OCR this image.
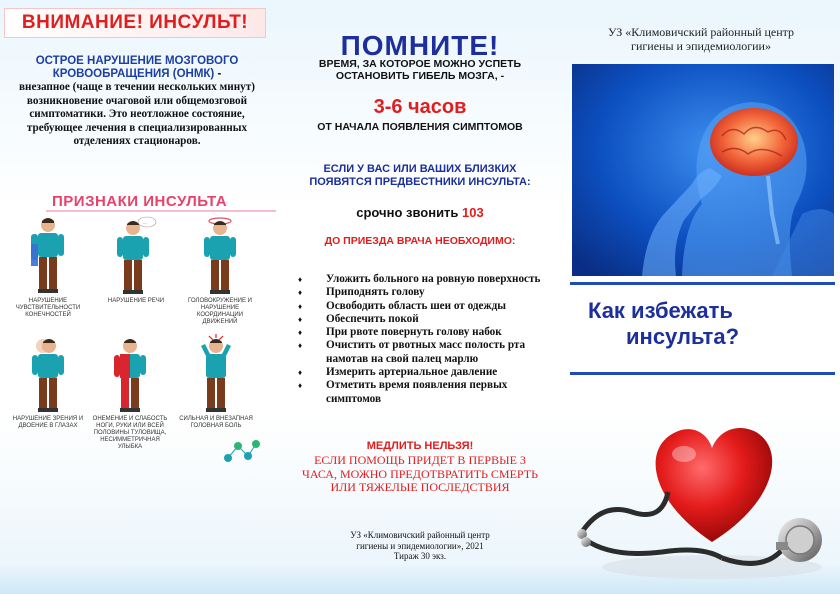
ВНИМАНИЕ! ИНСУЛЬТ!
ОСТРОЕ НАРУШЕНИЕ МОЗГОВОГО
КРОВООБРАЩЕНИЯ (ОНМК) -
внезапное (чаще в течении нескольких минут) возникновение очаговой или общемозговой симптоматики. Это неотложное состояние, требующее лечения в специализированных отделениях стационаров.
ПРИЗНАКИ ИНСУЛЬТА
НАРУШЕНИЕ ЧУВСТВИТЕЛЬНОСТИ КОНЕЧНОСТЕЙ
...
НАРУШЕНИЕ РЕЧИ	ГОЛОВОКРУЖЕНИЕ И НАРУШЕНИЕ КООРДИНАЦИИ ДВИЖЕНИЙ
НАРУШЕНИЕ ЗРЕНИЯ И ДВОЕНИЕ В ГЛАЗАХ
ОНЕМЕНИЕ И СЛАБОСТЬ НОГИ, РУКИ ИЛИ ВСЕЙ ПОЛОВИНЫ ТУЛОВИЩА, НЕСИММЕТРИЧНАЯ УЛЫБКА
СИЛЬНАЯ И ВНЕЗАПНАЯ ГОЛОВНАЯ БОЛЬ
ПОМНИТЕ!
ВРЕМЯ, ЗА КОТОРОЕ МОЖНО УСПЕТЬ ОСТАНОВИТЬ ГИБЕЛЬ МОЗГА, -
3-6 часов
ОТ НАЧАЛА ПОЯВЛЕНИЯ СИМПТОМОВ
ЕСЛИ У ВАС ИЛИ ВАШИХ БЛИЗКИХ ПОЯВЯТСЯ ПРЕДВЕСТНИКИ ИНСУЛЬТА:
срочно звонить 103
ДО ПРИЕЗДА ВРАЧА НЕОБХОДИМО:
♦ Уложить больного на ровную поверхность
♦ Приподнять голову
♦ Освободить область шеи от одежды
♦ Обеспечить покой
♦ При рвоте повернуть голову набок
♦ Очистить от рвотных масс полость рта намотав на свой палец марлю
♦ Измерить артериальное давление
♦ Отметить время появления первых симптомов
МЕДЛИТЬ НЕЛЬЗЯ!
ЕСЛИ ПОМОЩЬ ПРИДЕТ В ПЕРВЫЕ 3 ЧАСА, МОЖНО ПРЕДОТВРАТИТЬ СМЕРТЬ ИЛИ ТЯЖЕЛЫЕ ПОСЛЕДСТВИЯ
УЗ «Климовичский районный центр
гигиены и эпидемиологии», 2021
Тираж 30 экз.
УЗ «Климовичский районный центр
гигиены и эпидемиологии»
Как избежать
инсульта?
